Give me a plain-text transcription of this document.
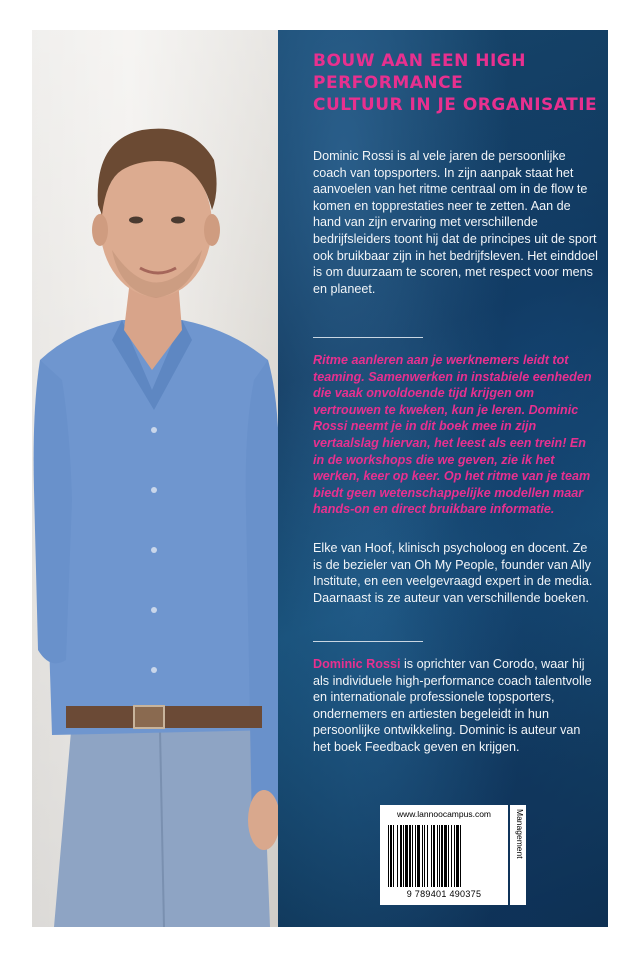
BOUW AAN EEN HIGH PERFORMANCE
CULTUUR IN JE ORGANISATIE
Dominic Rossi is al vele jaren de persoonlijke coach van topsporters. In zijn aanpak staat het aanvoelen van het ritme centraal om in de flow te komen en topprestaties neer te zetten. Aan de hand van zijn ervaring met verschillende bedrijfsleiders toont hij dat de principes uit de sport ook bruikbaar zijn in het bedrijfsleven. Het einddoel is om duurzaam te scoren, met respect voor mens en planeet.
Ritme aanleren aan je werknemers leidt tot teaming. Samenwerken in instabiele eenheden die vaak onvoldoende tijd krijgen om vertrouwen te kweken, kun je leren. Dominic Rossi neemt je in dit boek mee in zijn vertaalslag hiervan, het leest als een trein! En in de workshops die we geven, zie ik het werken, keer op keer. Op het ritme van je team biedt geen wetenschappelijke modellen maar hands-on en direct bruikbare informatie.
Elke van Hoof, klinisch psycholoog en docent. Ze is de bezieler van Oh My People, founder van Ally Institute, en een veelgevraagd expert in de media. Daarnaast is ze auteur van verschillende boeken.
Dominic Rossi is oprichter van Corodo, waar hij als individuele high-performance coach talentvolle en internationale professionele topsporters, ondernemers en artiesten begeleidt in hun persoonlijke ontwikkeling. Dominic is auteur van het boek Feedback geven en krijgen.
www.lannoocampus.com
9 789401 490375
Management
